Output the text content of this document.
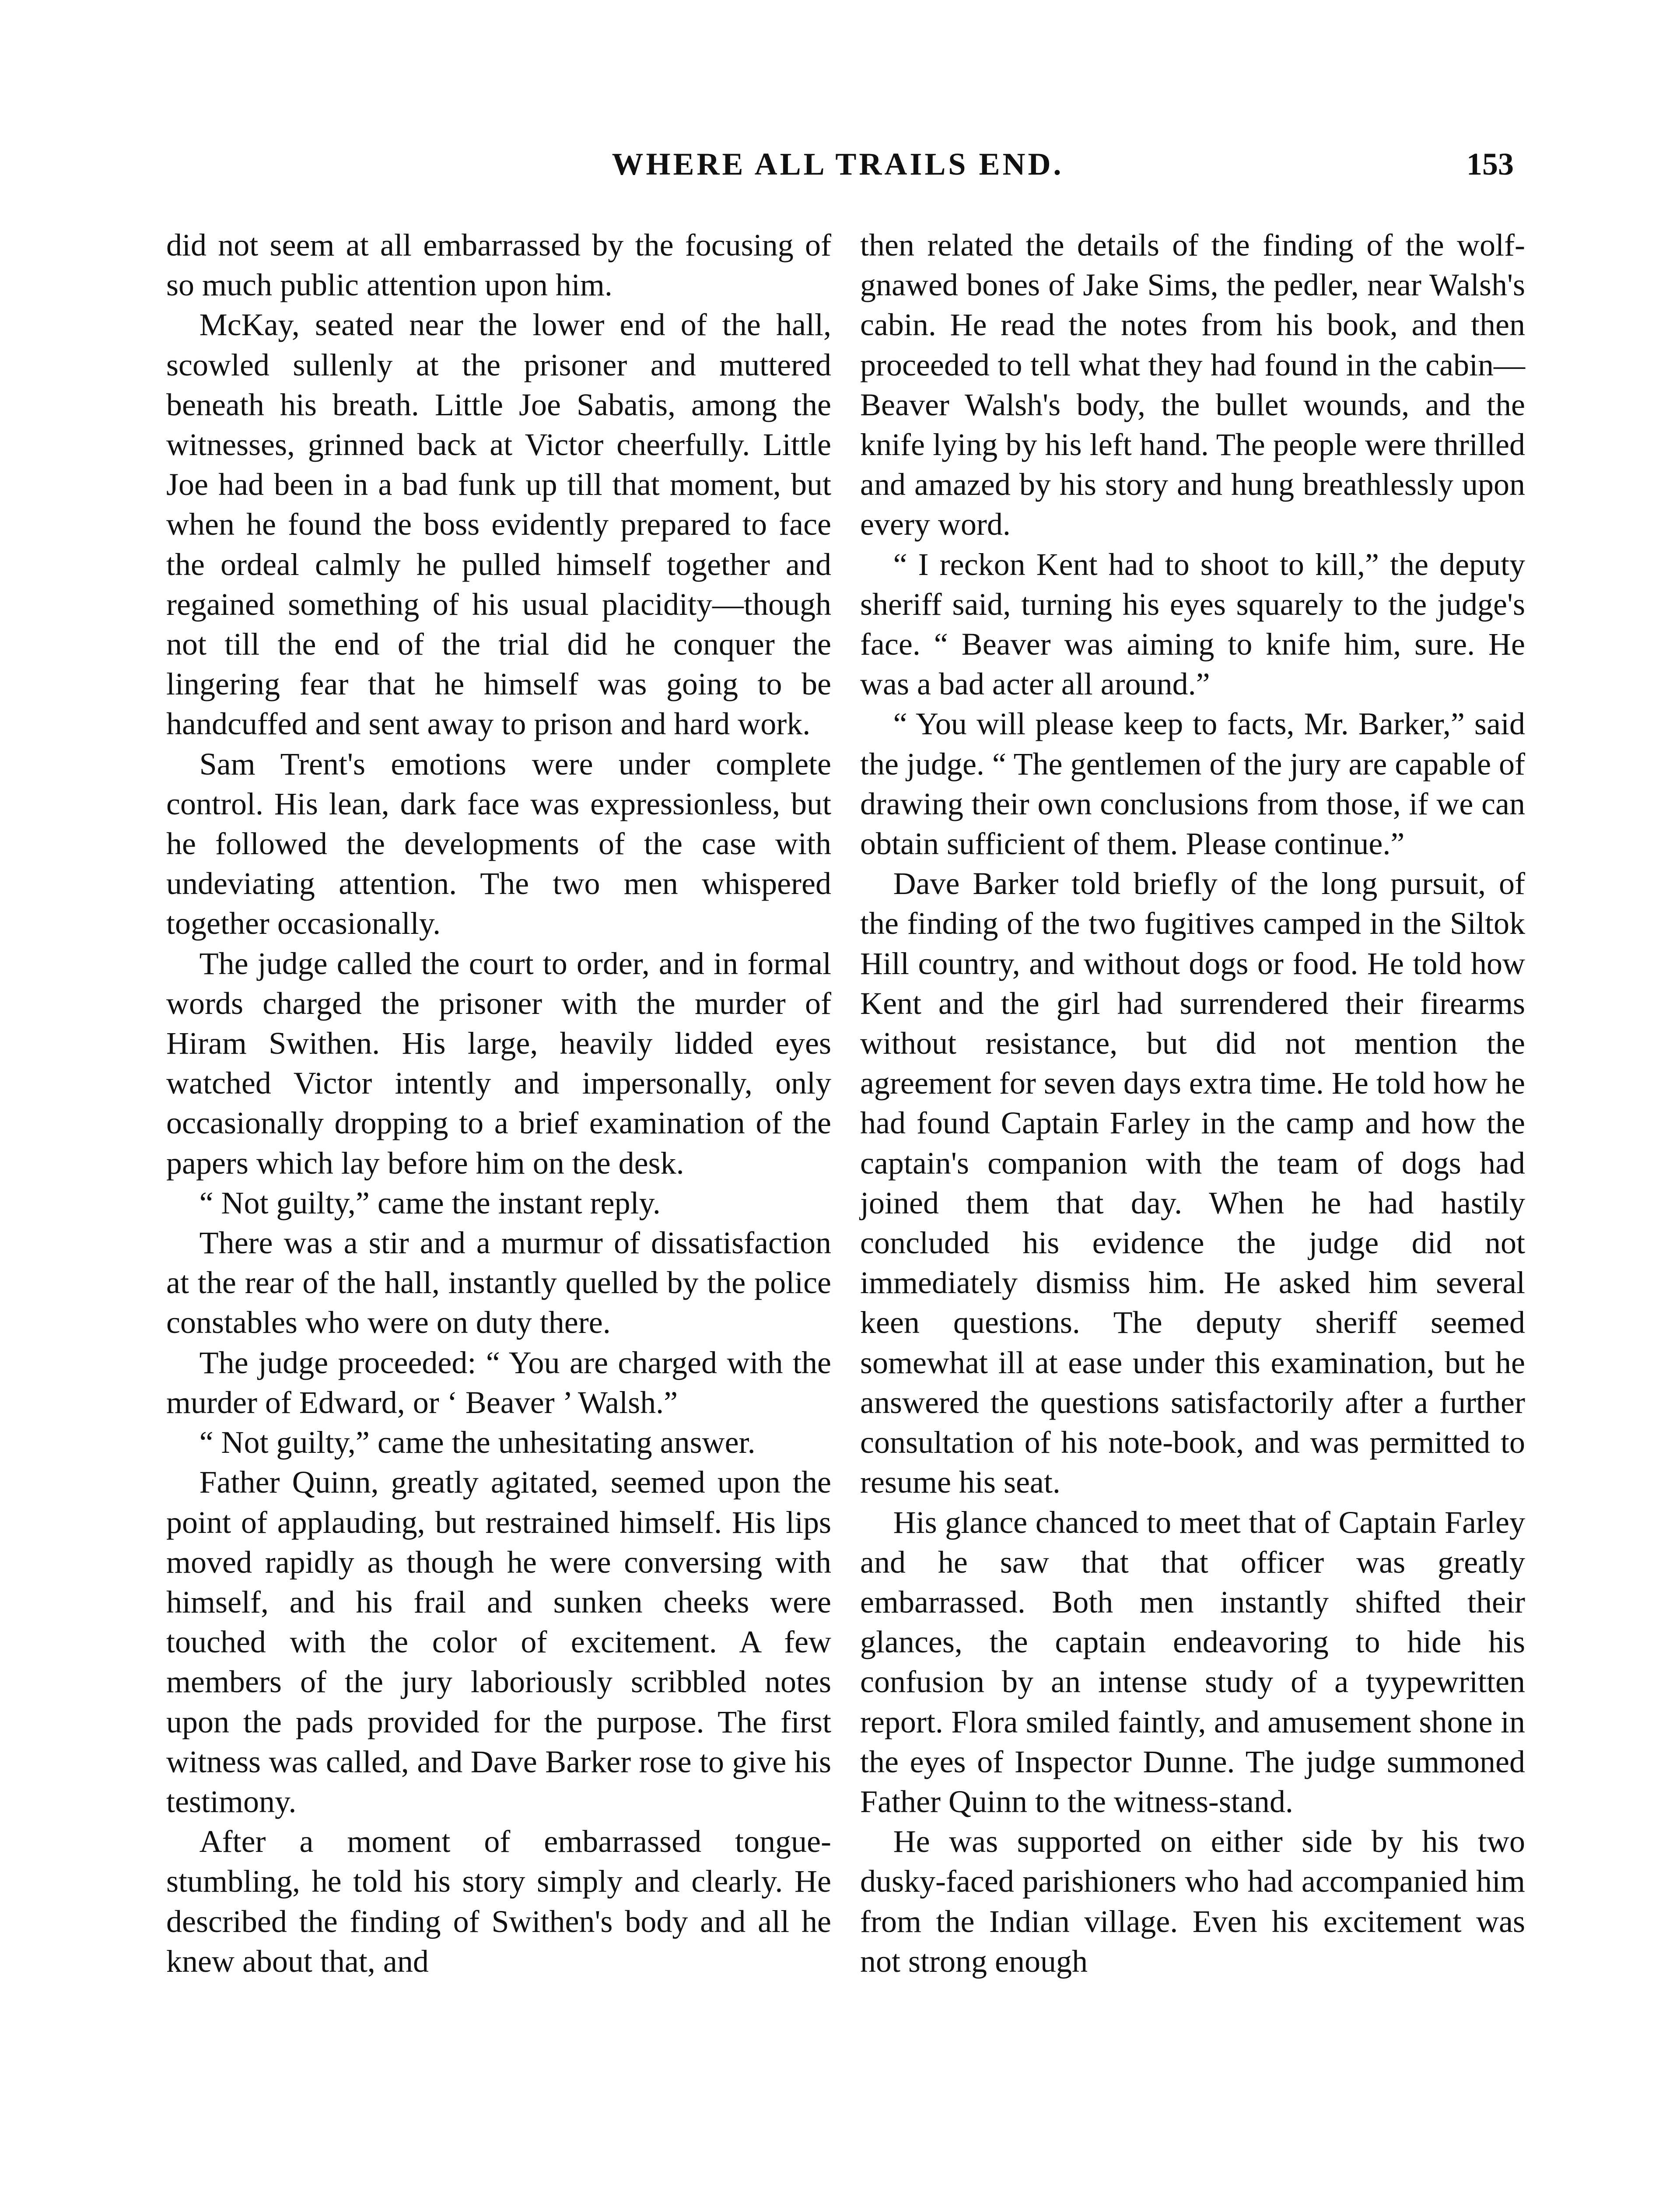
WHERE ALL TRAILS END.	153

did not seem at all embarrassed by the focusing of so much public attention upon him.

McKay, seated near the lower end of the hall, scowled sullenly at the prisoner and muttered beneath his breath. Little Joe Sabatis, among the witnesses, grinned back at Victor cheerfully. Little Joe had been in a bad funk up till that moment, but when he found the boss evidently prepared to face the ordeal calmly he pulled himself together and regained something of his usual placidity—though not till the end of the trial did he conquer the lingering fear that he himself was going to be handcuffed and sent away to prison and hard work.

Sam Trent's emotions were under complete control. His lean, dark face was expressionless, but he followed the developments of the case with undeviating attention. The two men whispered together occasionally.

The judge called the court to order, and in formal words charged the prisoner with the murder of Hiram Swithen. His large, heavily lidded eyes watched Victor intently and impersonally, only occasionally dropping to a brief examination of the papers which lay before him on the desk.

“ Not guilty,” came the instant reply.

There was a stir and a murmur of dissatisfaction at the rear of the hall, instantly quelled by the police constables who were on duty there.

The judge proceeded: “ You are charged with the murder of Edward, or ‘ Beaver ’ Walsh.”

“ Not guilty,” came the unhesitating answer.

Father Quinn, greatly agitated, seemed upon the point of applauding, but restrained himself. His lips moved rapidly as though he were conversing with himself, and his frail and sunken cheeks were touched with the color of excitement. A few members of the jury laboriously scribbled notes upon the pads provided for the purpose. The first witness was called, and Dave Barker rose to give his testimony.

After a moment of embarrassed tongue-stumbling, he told his story simply and clearly. He described the finding of Swithen's body and all he knew about that, and

then related the details of the finding of the wolf-gnawed bones of Jake Sims, the pedler, near Walsh's cabin. He read the notes from his book, and then proceeded to tell what they had found in the cabin—Beaver Walsh's body, the bullet wounds, and the knife lying by his left hand. The people were thrilled and amazed by his story and hung breathlessly upon every word.

“ I reckon Kent had to shoot to kill,” the deputy sheriff said, turning his eyes squarely to the judge's face. “ Beaver was aiming to knife him, sure. He was a bad acter all around.”

“ You will please keep to facts, Mr. Barker,” said the judge. “ The gentlemen of the jury are capable of drawing their own conclusions from those, if we can obtain sufficient of them. Please continue.”

Dave Barker told briefly of the long pursuit, of the finding of the two fugitives camped in the Siltok Hill country, and without dogs or food. He told how Kent and the girl had surrendered their firearms without resistance, but did not mention the agreement for seven days extra time. He told how he had found Captain Farley in the camp and how the captain's companion with the team of dogs had joined them that day. When he had hastily concluded his evidence the judge did not immediately dismiss him. He asked him several keen questions. The deputy sheriff seemed somewhat ill at ease under this examination, but he answered the questions satisfactorily after a further consultation of his note-book, and was permitted to resume his seat.

His glance chanced to meet that of Captain Farley and he saw that that officer was greatly embarrassed. Both men instantly shifted their glances, the captain endeavoring to hide his confusion by an intense study of a tyypewritten report. Flora smiled faintly, and amusement shone in the eyes of Inspector Dunne. The judge summoned Father Quinn to the witness-stand.

He was supported on either side by his two dusky-faced parishioners who had accompanied him from the Indian village. Even his excitement was not strong enough
